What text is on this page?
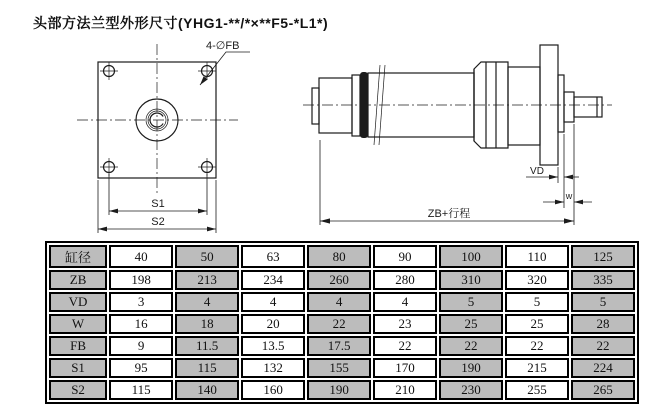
头部方法兰型外形尺寸(YHG1-**/*×**F5-*L1*)
4-∅FB
S1
S2
VD
w
ZB+行程
缸径	40	50	63	80	90	100	110	125
ZB	198	213	234	260	280	310	320	335
VD	3	4	4	4	4	5	5	5
W	16	18	20	22	23	25	25	28
FB	9	11.5	13.5	17.5	22	22	22	22
S1	95	115	132	155	170	190	215	224
S2	115	140	160	190	210	230	255	265
